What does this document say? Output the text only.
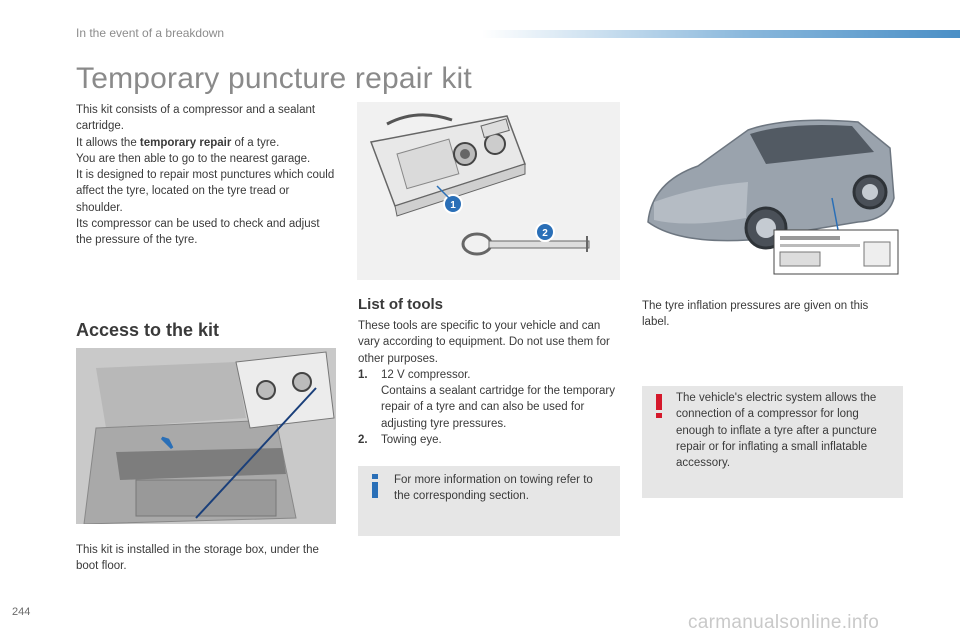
In the event of a breakdown
Temporary puncture repair kit

This kit consists of a compressor and a sealant cartridge.

It allows the temporary repair of a tyre.

You are then able to go to the nearest garage.

It is designed to repair most punctures which could affect the tyre, located on the tyre tread or shoulder.

Its compressor can be used to check and adjust the pressure of the tyre.

1
2
Access to the kit
This kit is installed in the storage box, under the boot floor.
List of tools

These tools are specific to your vehicle and can vary according to equipment. Do not use them for other purposes.

1. 12 V compressor.
Contains a sealant cartridge for the temporary repair of a tyre and can also be used for adjusting tyre pressures.
2. Towing eye.
For more information on towing refer to the corresponding section.
The tyre inflation pressures are given on this label.
The vehicle's electric system allows the connection of a compressor for long enough to inflate a tyre after a puncture repair or for inflating a small inflatable accessory.
244	carmanualsonline.info
